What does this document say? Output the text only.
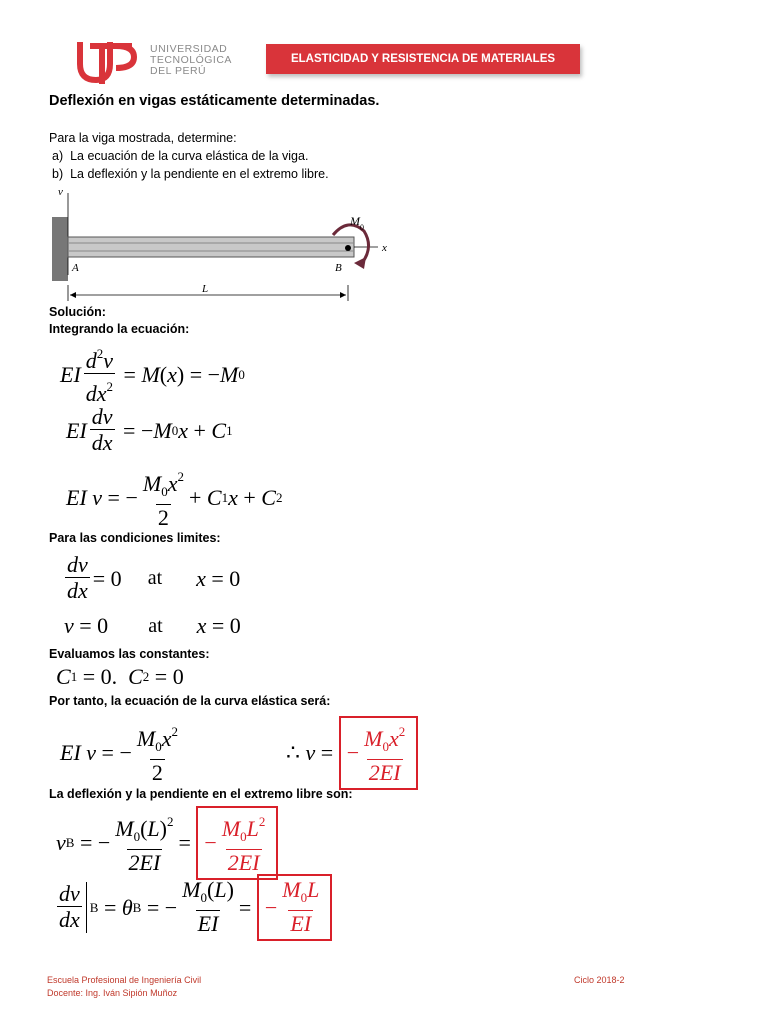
UNIVERSIDAD
TECNOLÓGICA
DEL PERÚ
ELASTICIDAD Y RESISTENCIA DE MATERIALES
Deflexión en vigas estáticamente determinadas.
Para la viga mostrada, determine:
a) La ecuación de la curva elástica de la viga.
b) La deflexión y la pendiente en el extremo libre.
v
x
A	B
$M_0$
L
Solución:
Integrando la ecuación:
EI $\frac{d^2v}{dx^2} = M$ ( x ) = − M 0
EI $\frac{dv}{dx}$ = − M 0 x + C 1
EI v = − $\frac{M_0x^2}{2} + C$ 1 x + C 2
Para las condiciones limites:
$\frac{dv}{dx} = 0$ at x = 0
v = 0 at x = 0
Evaluamos las constantes:
C 1 = 0. C 2 = 0
Por tanto, la ecuación de la curva elástica será:
EI v = − $\frac{M_0x^2}{2}$	∴ v = − $\frac{M_0x^2}{2EI}$
La deflexión y la pendiente en el extremo libre son:
v B = − $\frac{M_0(L)^2}{2EI}$ = − $\frac{M_0L^2}{2EI}$
$\frac{dv}{dx}$ B = θ B = − $\frac{M_0(L)}{EI}$ = − $\frac{M_0L}{EI}$
Escuela Profesional de Ingeniería Civil
Docente: Ing. Iván Sipión Muñoz
Ciclo 2018-2
